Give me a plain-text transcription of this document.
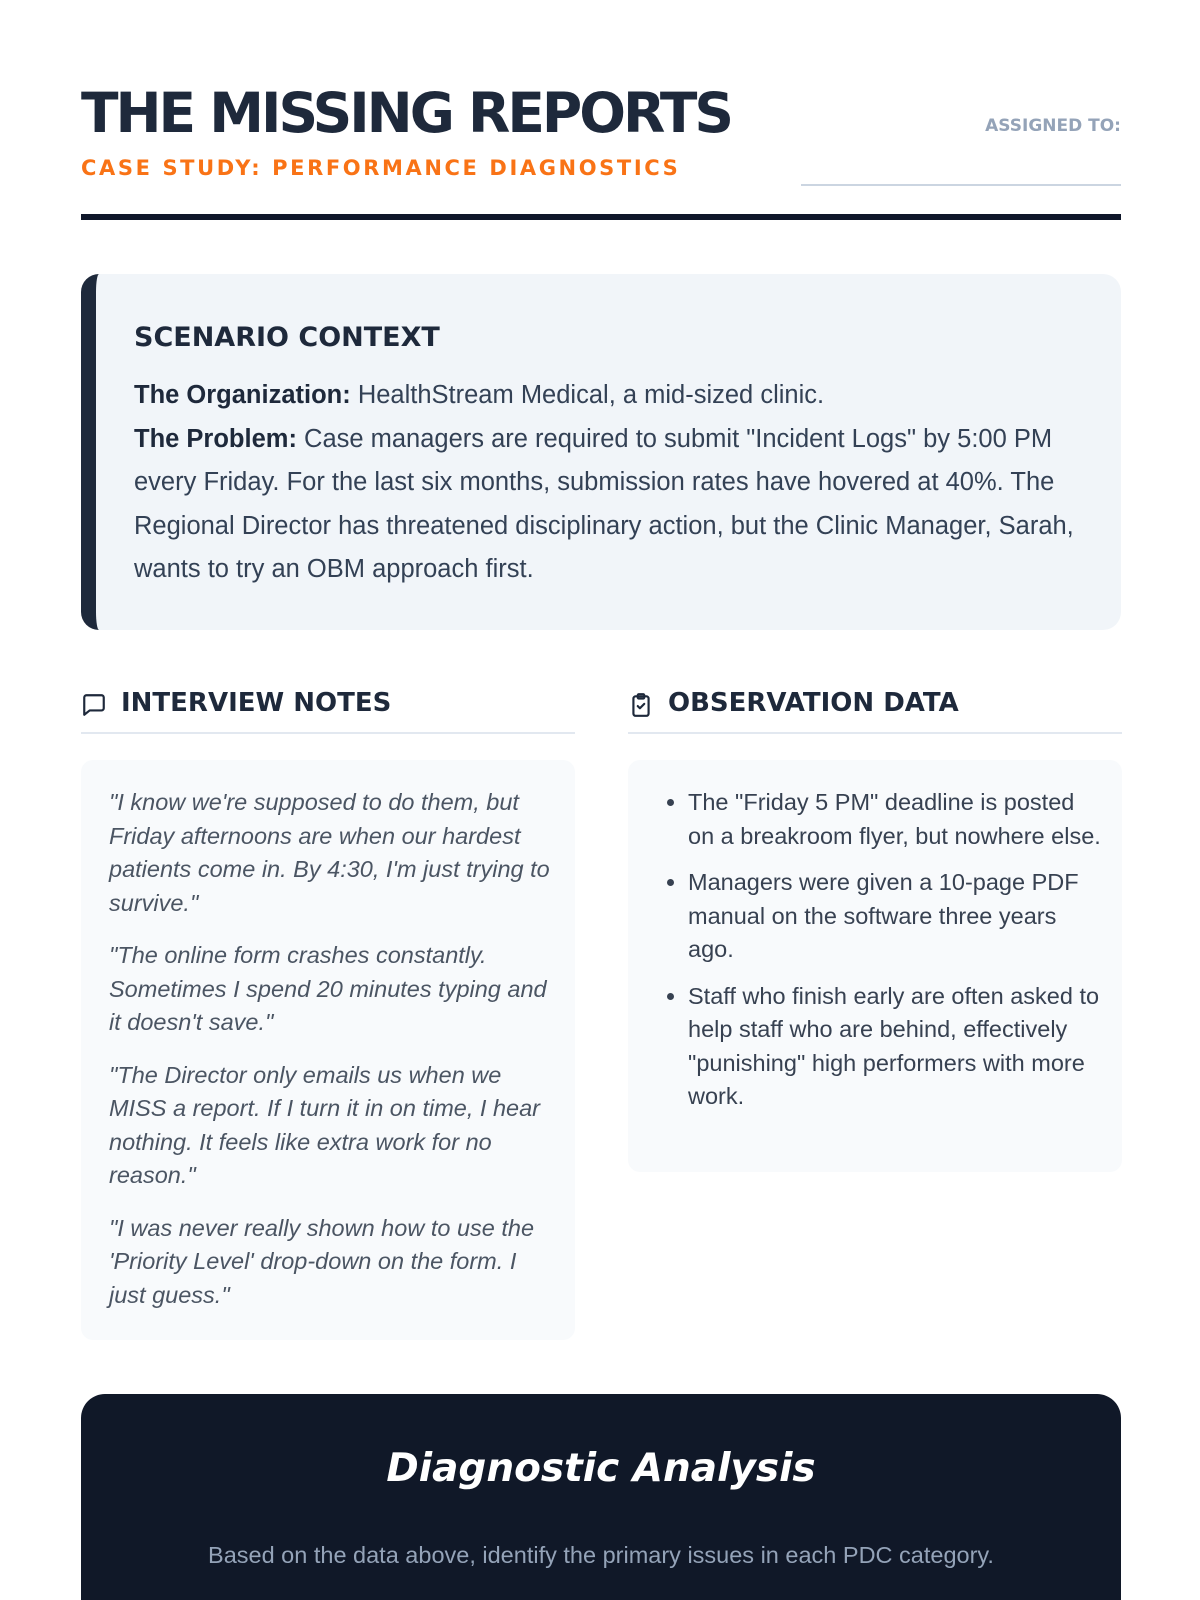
THE MISSING REPORTS
CASE STUDY: PERFORMANCE DIAGNOSTICS
ASSIGNED TO:
SCENARIO CONTEXT
The Organization: HealthStream Medical, a mid-sized clinic.
The Problem: Case managers are required to submit "Incident Logs" by 5:00 PM every Friday. For the last six months, submission rates have hovered at 40%. The Regional Director has threatened disciplinary action, but the Clinic Manager, Sarah, wants to try an OBM approach first.
INTERVIEW NOTES	OBSERVATION DATA

"I know we're supposed to do them, but Friday afternoons are when our hardest patients come in. By 4:30, I'm just trying to survive."

"The online form crashes constantly. Sometimes I spend 20 minutes typing and it doesn't save."

"The Director only emails us when we MISS a report. If I turn it in on time, I hear nothing. It feels like extra work for no reason."

"I was never really shown how to use the 'Priority Level' drop-down on the form. I just guess."

• The "Friday 5 PM" deadline is posted on a breakroom flyer, but nowhere else.
• Managers were given a 10-page PDF manual on the software three years ago.
• Staff who finish early are often asked to help staff who are behind, effectively "punishing" high performers with more work.
Diagnostic Analysis

Based on the data above, identify the primary issues in each PDC category.
